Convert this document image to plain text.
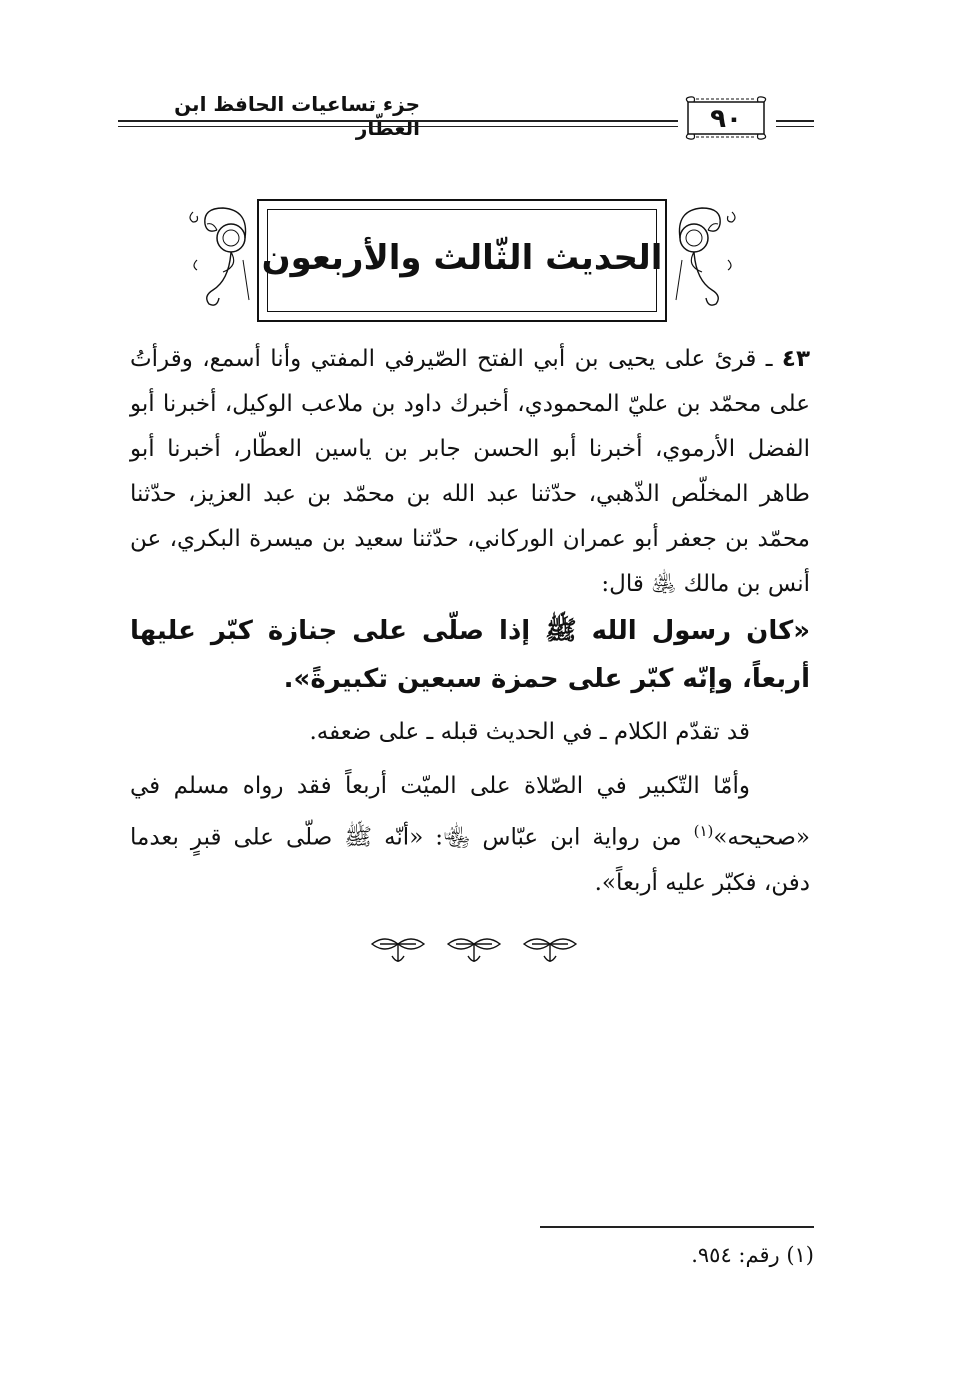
جزء تساعيات الحافظ ابن العطّار	٩٠
الحديث الثّالث والأربعون
٤٣ ـ قرئ على يحيى بن أبي الفتح الصّيرفي المفتي وأنا أسمع، وقرأتُ على محمّد بن عليّ المحمودي، أخبرك داود بن ملاعب الوكيل، أخبرنا أبو الفضل الأرموي، أخبرنا أبو الحسن جابر بن ياسين العطّار، أخبرنا أبو طاهر المخلّص الذّهبي، حدّثنا عبد الله بن محمّد بن عبد العزيز، حدّثنا محمّد بن جعفر أبو عمران الوركاني، حدّثنا سعيد بن ميسرة البكري، عن أنس بن مالك ﵁ قال:
«كان رسول الله ﷺ إذا صلّى على جنازة كبّر عليها أربعاً، وإنّه كبّر على حمزة سبعين تكبيرةً».
قد تقدّم الكلام ـ في الحديث قبله ـ على ضعفه.
وأمّا التّكبير في الصّلاة على الميّت أربعاً فقد رواه مسلم في «صحيحه»$^{(١)}$ من رواية ابن عبّاس ﵄: «أنّه ﷺ صلّى على قبرٍ بعدما دفن، فكبّر عليه أربعاً».
(١) رقم: ٩٥٤.
